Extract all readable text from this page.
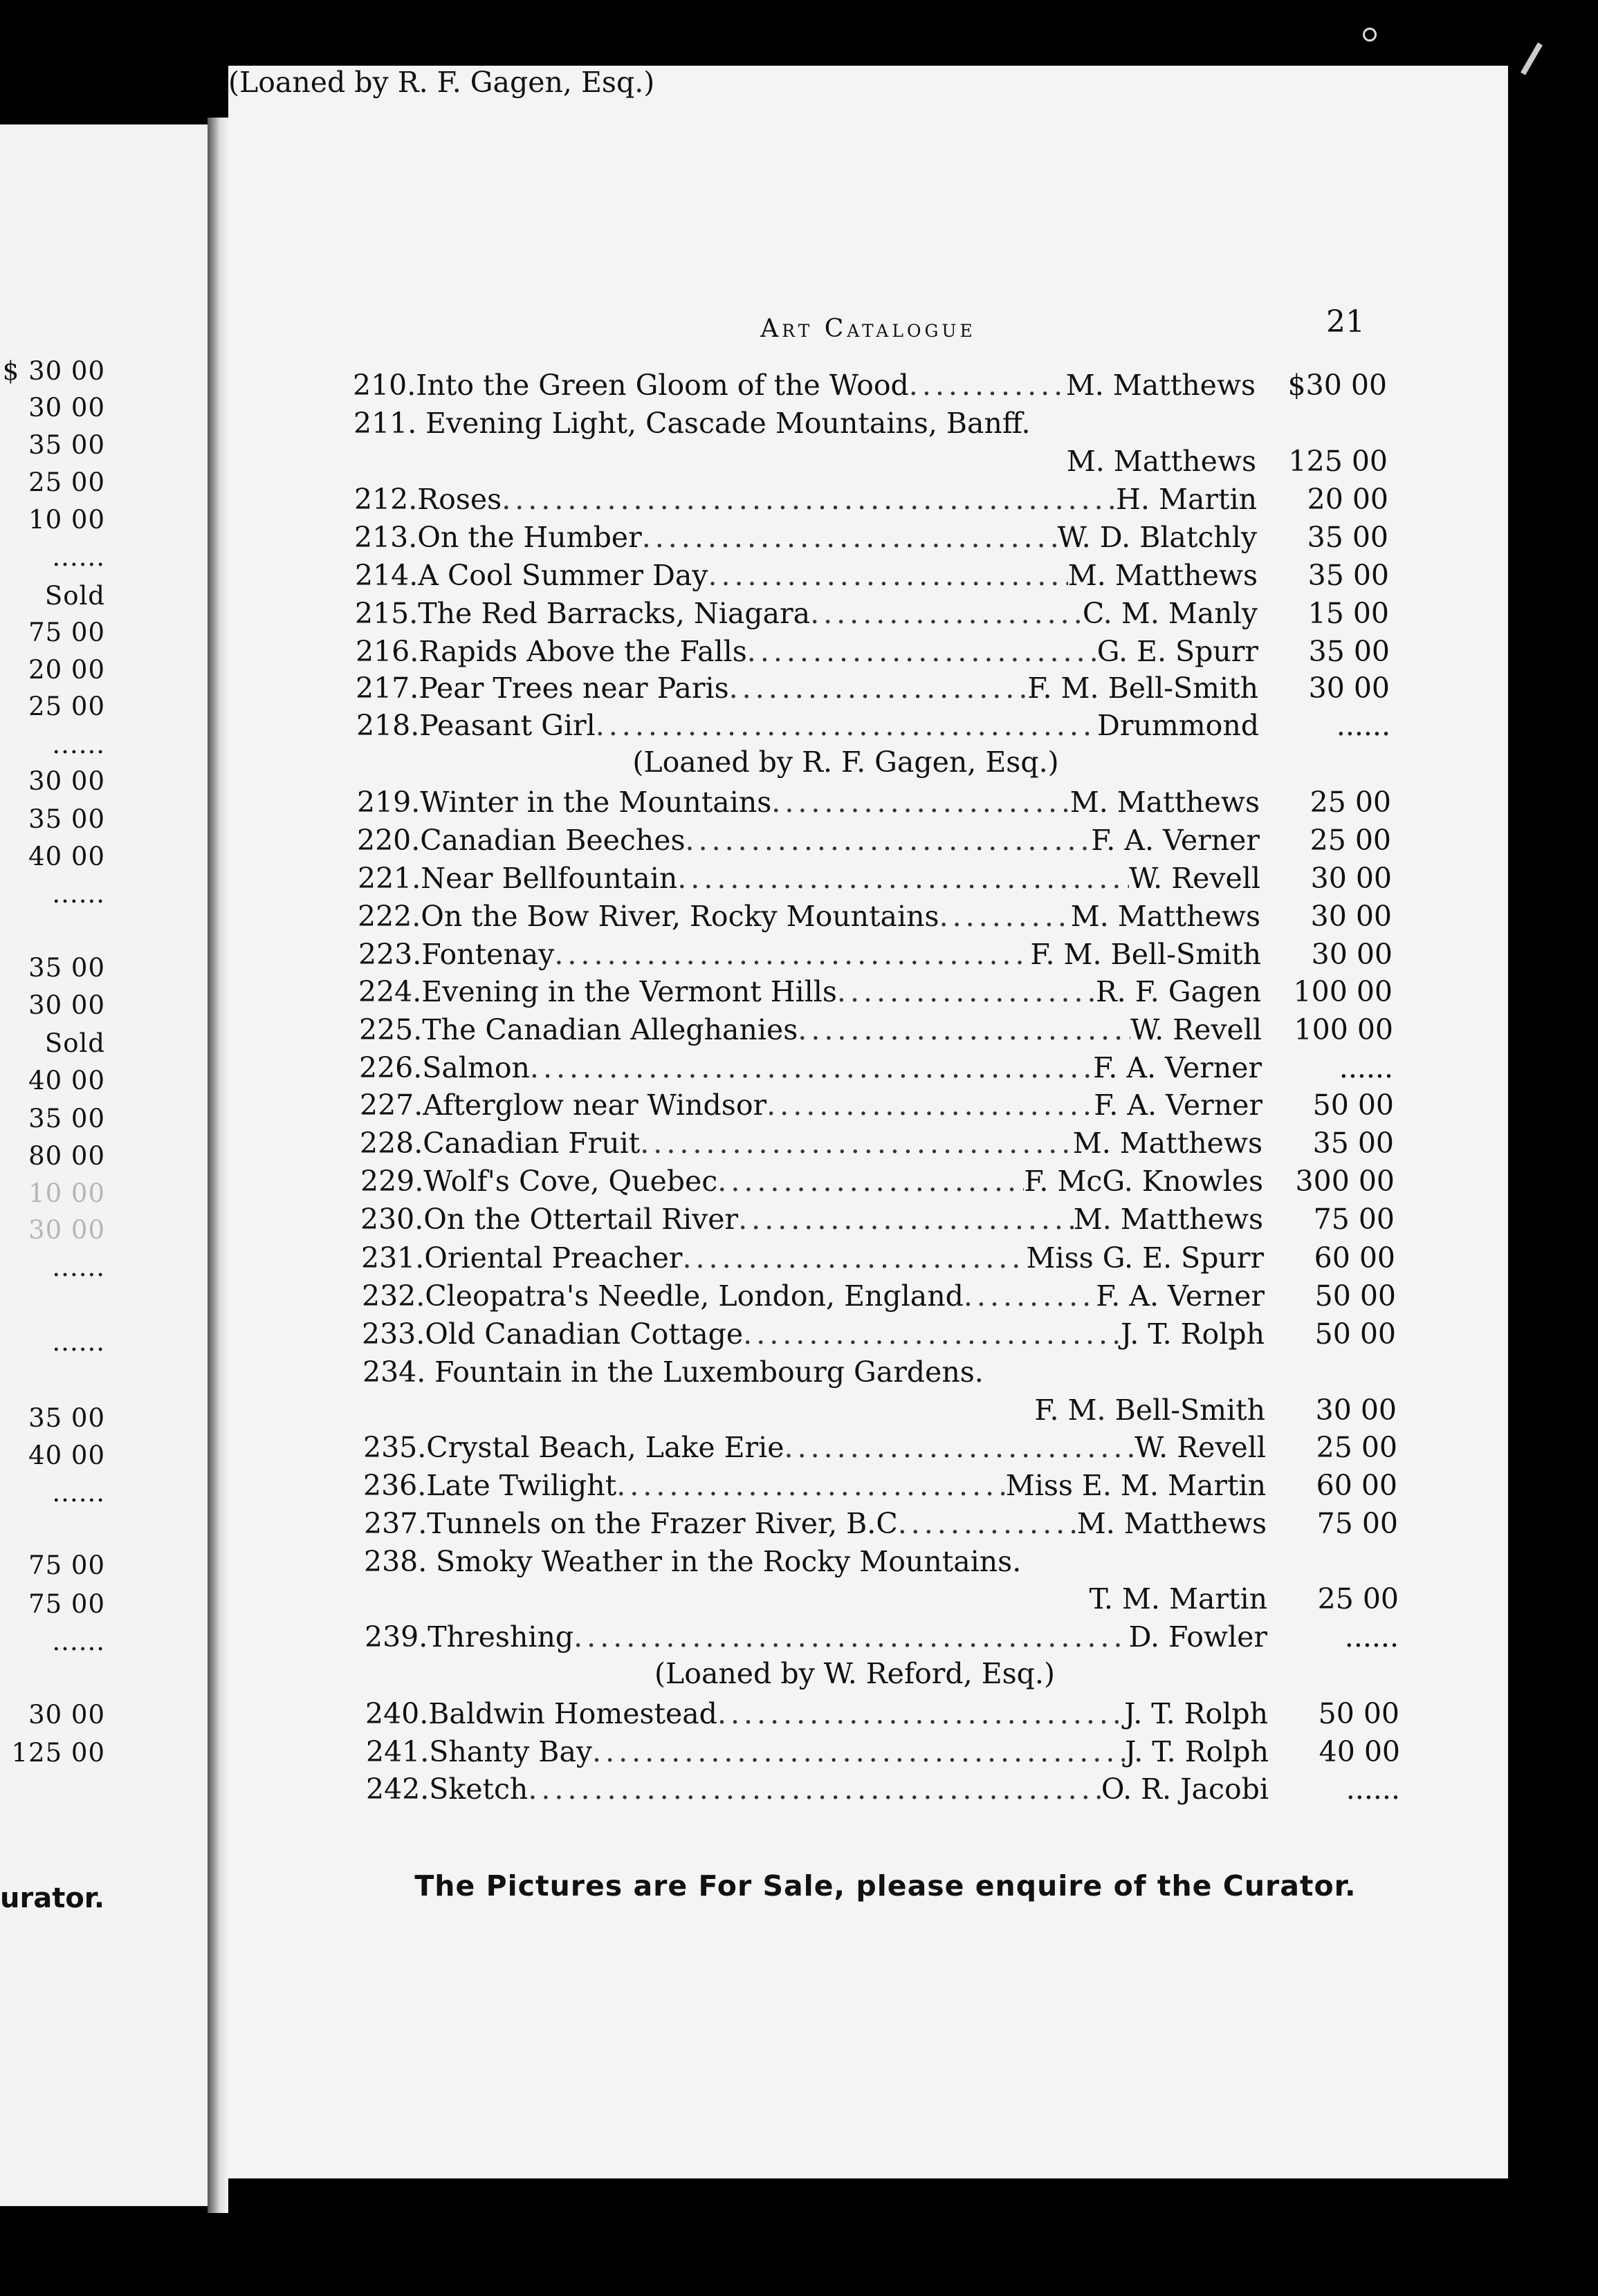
urator.
$ 30 00
30 00
35 00
25 00
10 00
......
Sold
75 00
20 00
25 00
......
30 00
35 00
40 00
......
35 00
30 00
Sold
40 00
35 00
80 00
10 00
30 00
......
......
35 00
40 00
......
75 00
75 00
......
30 00
125 00
Art Catalogue	21
The Pictures are For Sale, please enquire of the Curator.
210. Into the Green Gloom of the Wood .....	M. Matthews	$30 00
211. Evening Light, Cascade Mountains, Banff.
M. Matthews	125 00
212. Roses .....	H. Martin	20 00
213. On the Humber .....	W. D. Blatchly	35 00
214. A Cool Summer Day .....	M. Matthews	35 00
215. The Red Barracks, Niagara .....	C. M. Manly	15 00
216. Rapids Above the Falls .....	G. E. Spurr	35 00
217. Pear Trees near Paris .....	F. M. Bell-Smith	30 00
218. Peasant Girl .....	Drummond	......
(Loaned by R. F. Gagen, Esq.)
219. Winter in the Mountains .....	M. Matthews	25 00
220. Canadian Beeches .....	F. A. Verner	25 00
221. Near Bellfountain .....	W. Revell	30 00
222. On the Bow River, Rocky Mountains .....	M. Matthews	30 00
223. Fontenay .....	F. M. Bell-Smith	30 00
224. Evening in the Vermont Hills .....	R. F. Gagen	100 00
225. The Canadian Alleghanies .....	W. Revell	100 00
226. Salmon .....	F. A. Verner	......
227. Afterglow near Windsor .....	F. A. Verner	50 00
228. Canadian Fruit .....	M. Matthews	35 00
229. Wolf's Cove, Quebec .....	F. McG. Knowles	300 00
230. On the Ottertail River .....	M. Matthews	75 00
231. Oriental Preacher .....	Miss G. E. Spurr	60 00
232. Cleopatra's Needle, London, England .....	F. A. Verner	50 00
233. Old Canadian Cottage .....	J. T. Rolph	50 00
234. Fountain in the Luxembourg Gardens.
F. M. Bell-Smith	30 00
235. Crystal Beach, Lake Erie .....	W. Revell	25 00
236. Late Twilight .....	Miss E. M. Martin	60 00
237. Tunnels on the Frazer River, B.C .....	M. Matthews	75 00
238. Smoky Weather in the Rocky Mountains.
T. M. Martin	25 00
239. Threshing .....	D. Fowler	......
(Loaned by W. Reford, Esq.)
240. Baldwin Homestead .....	J. T. Rolph	50 00
241. Shanty Bay .....	J. T. Rolph	40 00
242. Sketch .....	O. R. Jacobi	......
(Loaned by R. F. Gagen, Esq.)
